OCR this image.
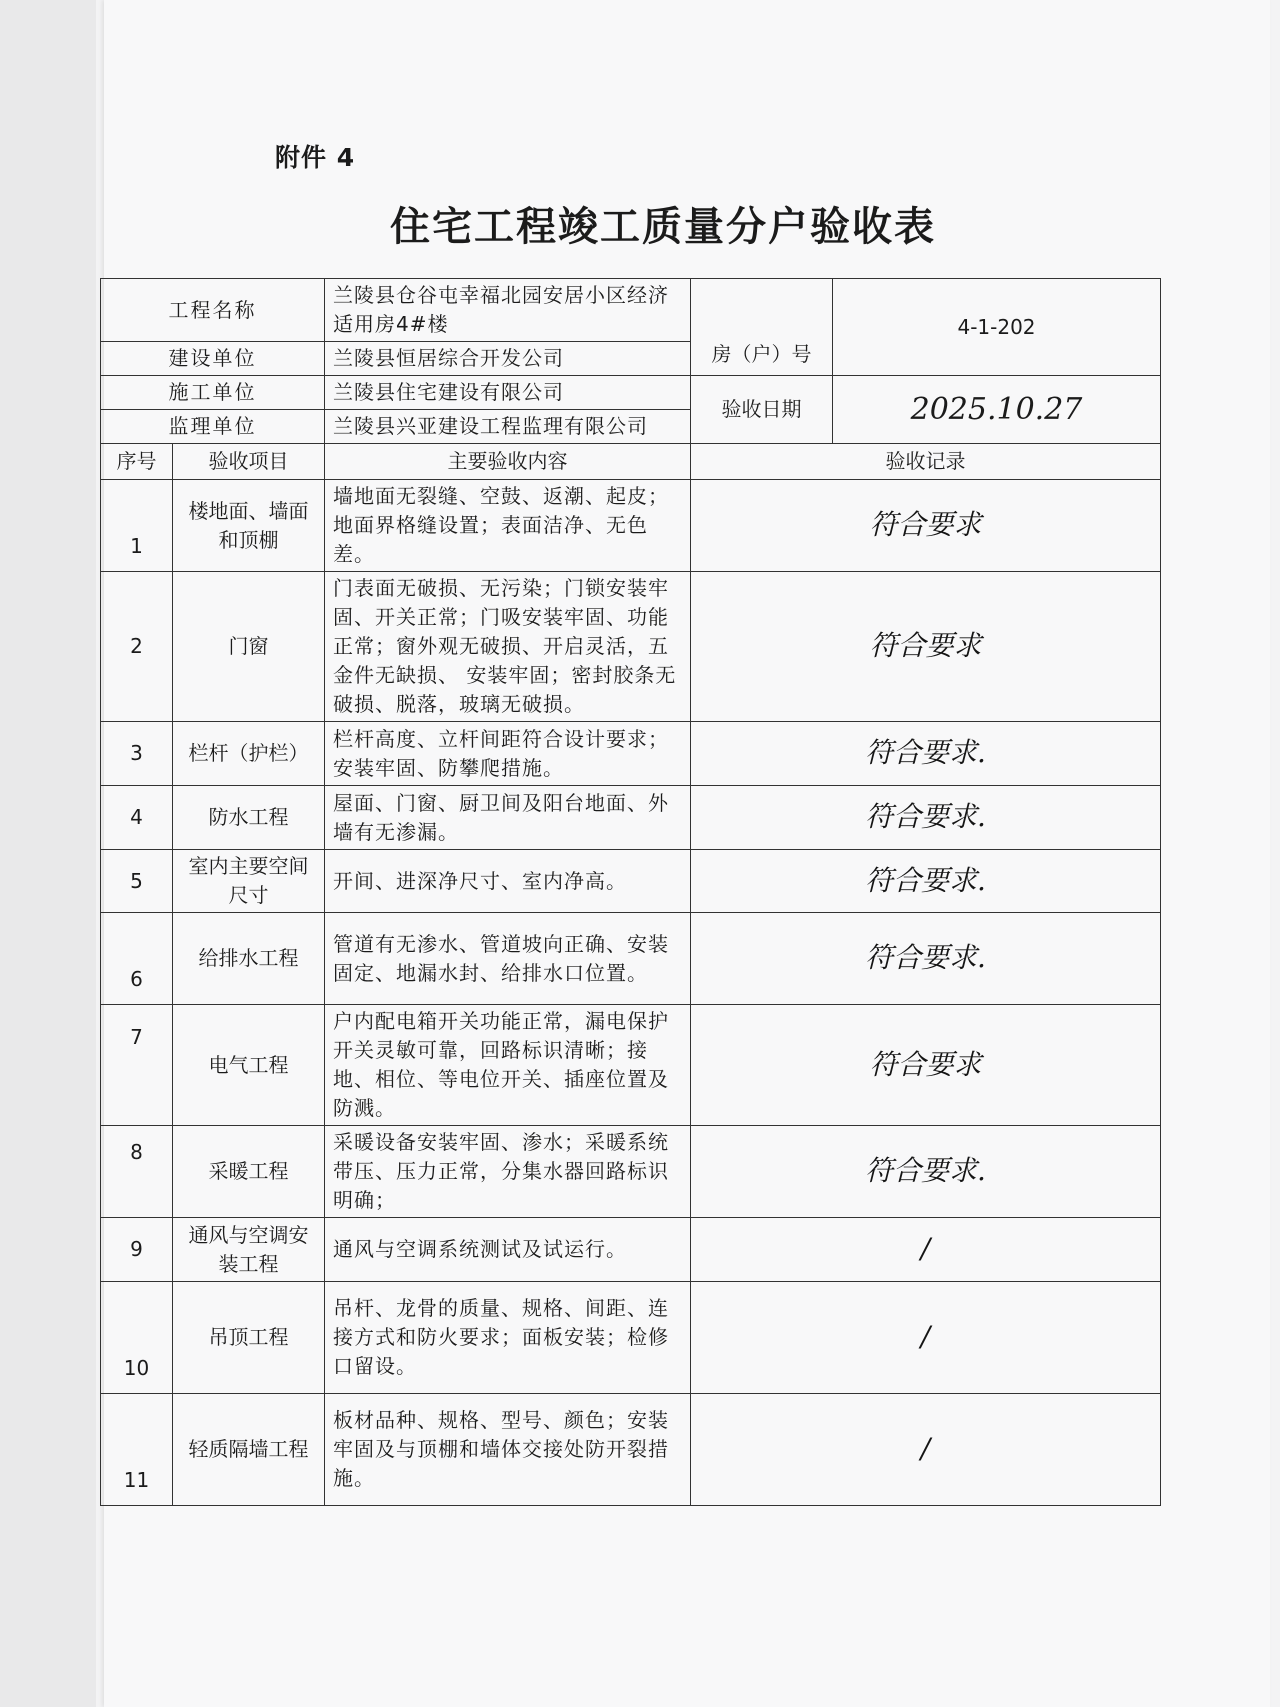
附件 4
住宅工程竣工质量分户验收表
工程名称		兰陵县仓谷屯幸福北园安居小区经济适用房4#楼	房（户）号	4-1-202
建设单位		兰陵县恒居综合开发公司		
施工单位		兰陵县住宅建设有限公司	验收日期	2025.10.27
监理单位		兰陵县兴亚建设工程监理有限公司		
序号	验收项目	主要验收内容	验收记录	
1	楼地面、墙面和顶棚	墙地面无裂缝、空鼓、返潮、起皮；地面界格缝设置；表面洁净、无色差。	符合要求	
2	门窗	门表面无破损、无污染；门锁安装牢固、开关正常；门吸安装牢固、功能正常；窗外观无破损、开启灵活，五金件无缺损、 安装牢固；密封胶条无破损、脱落，玻璃无破损。	符合要求	
3	栏杆（护栏）	栏杆高度、立杆间距符合设计要求；安装牢固、防攀爬措施。	符合要求.	
4	防水工程	屋面、门窗、厨卫间及阳台地面、外墙有无渗漏。	符合要求.	
5	室内主要空间尺寸	开间、进深净尺寸、室内净高。	符合要求.	
6	给排水工程	管道有无渗水、管道坡向正确、安装固定、地漏水封、给排水口位置。	符合要求.	
7	电气工程	户内配电箱开关功能正常，漏电保护开关灵敏可靠，回路标识清晰；接地、相位、等电位开关、插座位置及防溅。	符合要求	
8	采暖工程	采暖设备安装牢固、渗水；采暖系统带压、压力正常，分集水器回路标识明确；	符合要求.	
9	通风与空调安装工程	通风与空调系统测试及试运行。	/	
10	吊顶工程	吊杆、龙骨的质量、规格、间距、连接方式和防火要求；面板安装；检修口留设。	/	
11	轻质隔墙工程	板材品种、规格、型号、颜色；安装牢固及与顶棚和墙体交接处防开裂措施。	/	
